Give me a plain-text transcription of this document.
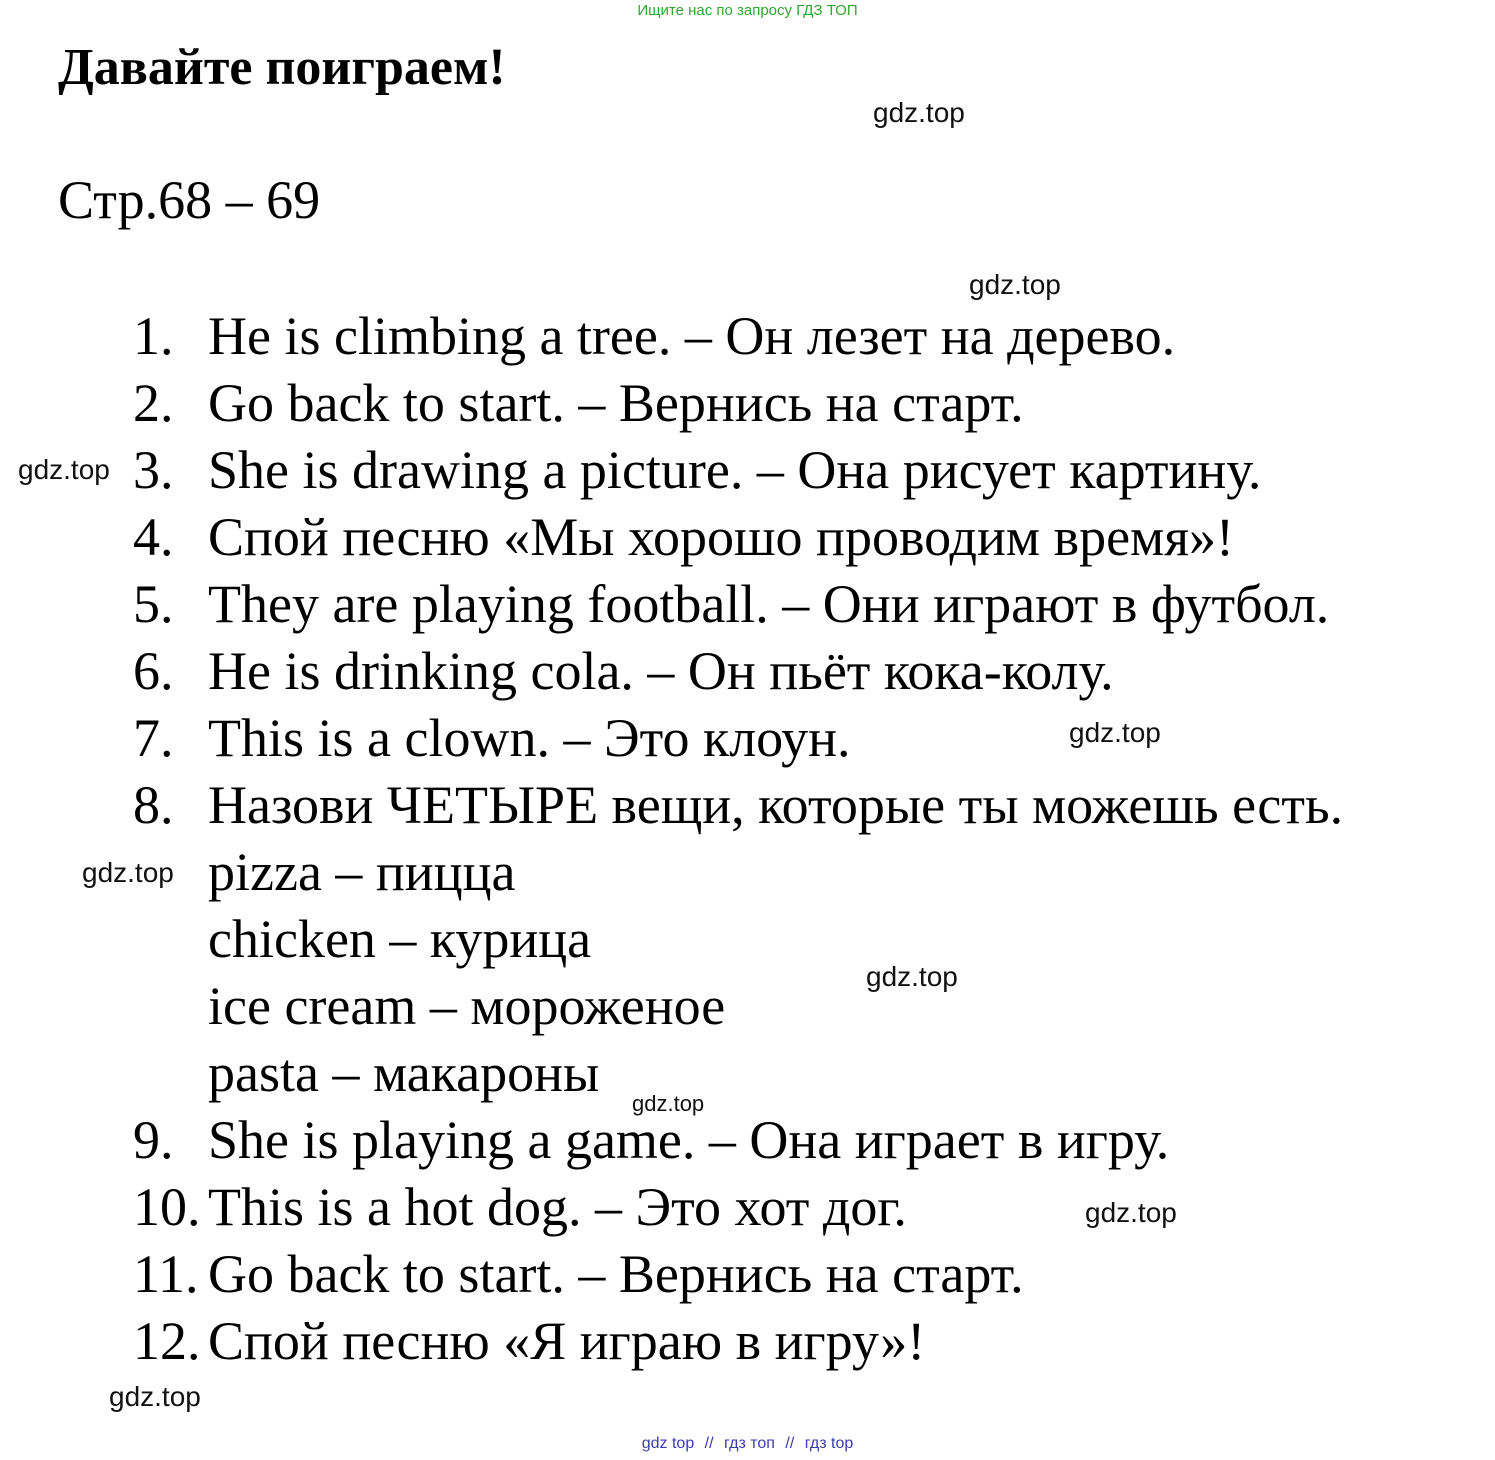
Ищите нас по запросу ГДЗ ТОП
Давайте поиграем!
Стр.68 – 69
1. He is climbing a tree. – Он лезет на дерево.
2. Go back to start. – Вернись на старт.
3. She is drawing a picture. – Она рисует картину.
4. Спой песню «Мы хорошо проводим время»!
5. They are playing football. – Они играют в футбол.
6. He is drinking cola. – Он пьёт кока-колу.
7. This is a clown. – Это клоун.
8. Назови ЧЕТЫРЕ вещи, которые ты можешь есть.
pizza – пицца
chicken – курица
ice cream – мороженое
pasta – макароны
9. She is playing a game. – Она играет в игру.
10. This is a hot dog. – Это хот дог.
11. Go back to start. – Вернись на старт.
12. Спой песню «Я играю в игру»!
gdz.top
gdz.top
gdz.top
gdz.top
gdz.top
gdz.top
gdz.top
gdz.top
gdz.top
gdz top // гдз топ // гдз top
